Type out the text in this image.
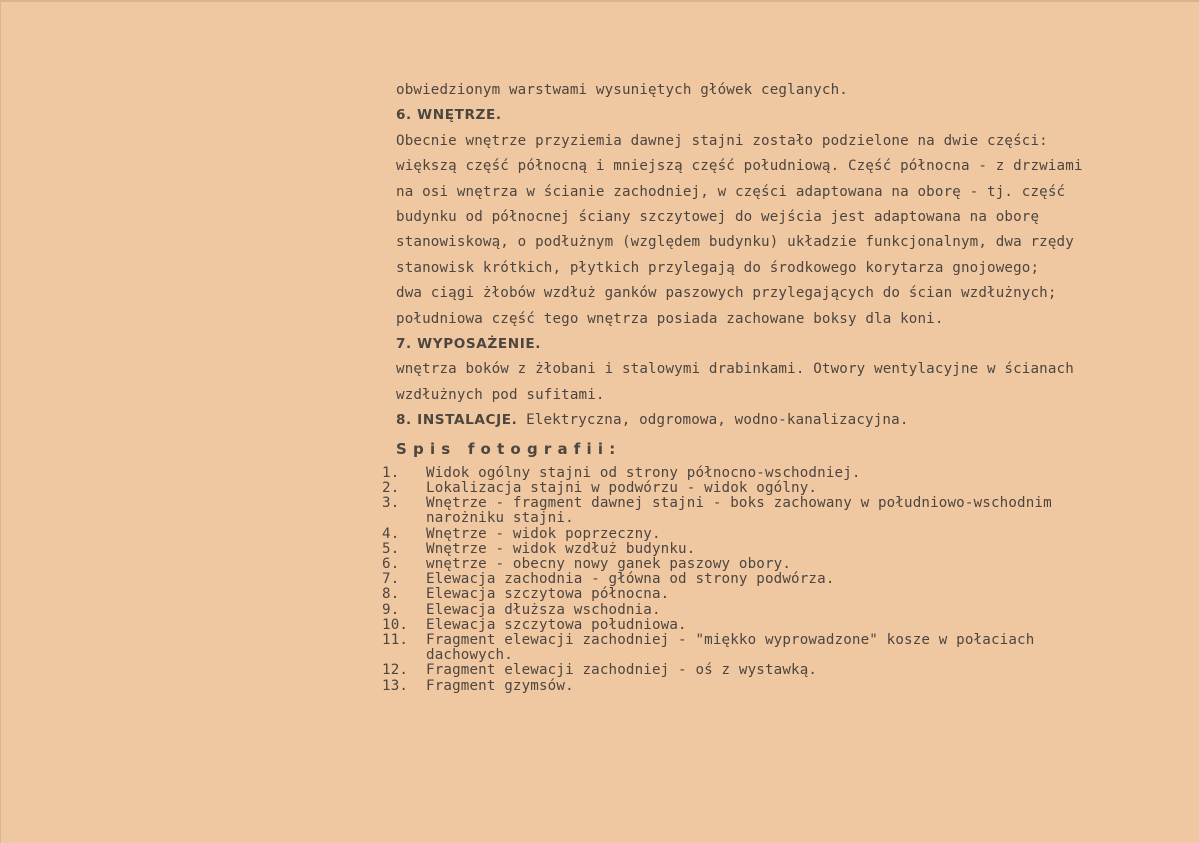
obwiedzionym warstwami wysuniętych główek ceglanych.
6. WNĘTRZE.
Obecnie wnętrze przyziemia dawnej stajni zostało podzielone na dwie części:
większą część północną i mniejszą część południową. Część północna - z drzwiami
na osi wnętrza w ścianie zachodniej, w części adaptowana na oborę - tj. część
budynku od północnej ściany szczytowej do wejścia jest adaptowana na oborę
stanowiskową, o podłużnym (względem budynku) układzie funkcjonalnym, dwa rzędy
stanowisk krótkich, płytkich przylegają do środkowego korytarza gnojowego;
dwa ciągi żłobów wzdłuż ganków paszowych przylegających do ścian wzdłużnych;
południowa część tego wnętrza posiada zachowane boksy dla koni.
7. WYPOSAŻENIE.
wnętrza boków z żłobani i stalowymi drabinkami. Otwory wentylacyjne w ścianach
wzdłużnych pod sufitami.
8. INSTALACJE. Elektryczna, odgromowa, wodno-kanalizacyjna.
Spis fotografii:
1.	Widok ogólny stajni od strony północno-wschodniej.
2.	Lokalizacja stajni w podwórzu - widok ogólny.
3.	Wnętrze - fragment dawnej stajni - boks zachowany w południowo-wschodnim
narożniku stajni.
4.	Wnętrze - widok poprzeczny.
5.	Wnętrze - widok wzdłuż budynku.
6.	wnętrze - obecny nowy ganek paszowy obory.
7.	Elewacja zachodnia - główna od strony podwórza.
8.	Elewacja szczytowa północna.
9.	Elewacja dłuższa wschodnia.
10.	Elewacja szczytowa południowa.
11.	Fragment elewacji zachodniej - "miękko wyprowadzone" kosze w połaciach
dachowych.
12.	Fragment elewacji zachodniej - oś z wystawką.
13.	Fragment gzymsów.
